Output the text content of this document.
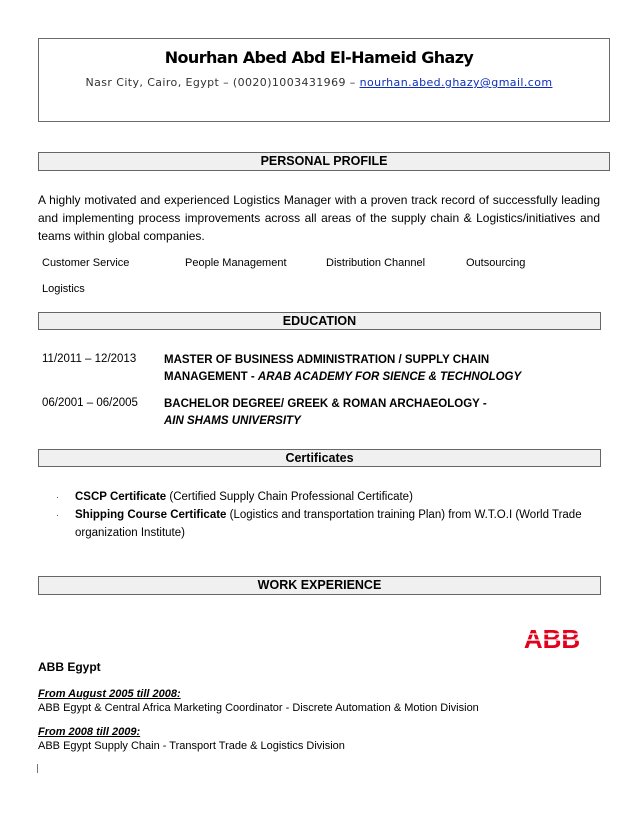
Nourhan Abed Abd El-Hameid Ghazy
Nasr City, Cairo, Egypt – (0020)1003431969 – nourhan.abed.ghazy@gmail.com
PERSONAL PROFILE
A highly motivated and experienced Logistics Manager with a proven track record of successfully leading and implementing process improvements across all areas of the supply chain & Logistics/initiatives and teams within global companies.
Customer Service	People Management	Distribution Channel	Outsourcing
Logistics
EDUCATION
11/2011 – 12/2013 MASTER OF BUSINESS ADMINISTRATION / SUPPLY CHAIN MANAGEMENT - ARAB ACADEMY FOR SIENCE & TECHNOLOGY
06/2001 – 06/2005 BACHELOR DEGREE/ GREEK & ROMAN ARCHAEOLOGY -
AIN SHAMS UNIVERSITY
Certificates
· CSCP Certificate (Certified Supply Chain Professional Certificate)
· Shipping Course Certificate (Logistics and transportation training Plan) from W.T.O.I (World Trade organization Institute)
WORK EXPERIENCE
ABB
ABB Egypt
From August 2005 till 2008:
ABB Egypt & Central Africa Marketing Coordinator - Discrete Automation & Motion Division
From 2008 till 2009:
ABB Egypt Supply Chain - Transport Trade & Logistics Division
